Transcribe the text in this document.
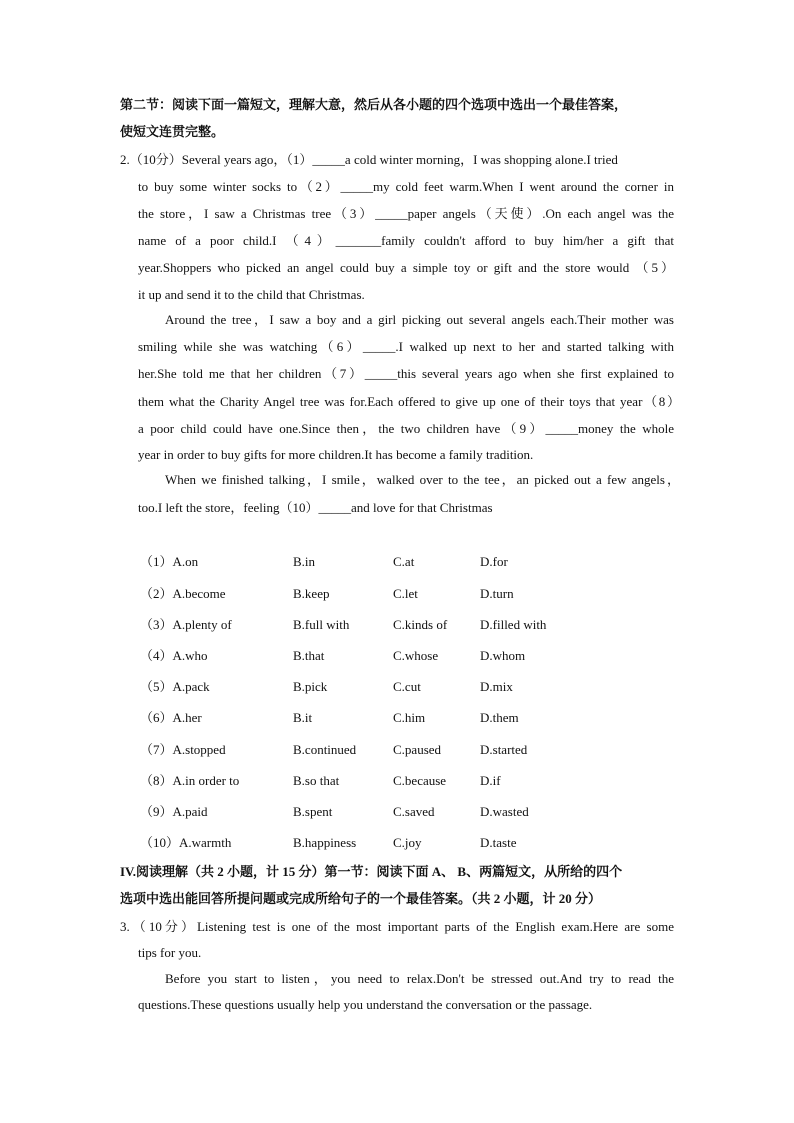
第二节：阅读下面一篇短文，理解大意，然后从各小题的四个选项中选出一个最佳答案，
使短文连贯完整。
2.（10分）Several years ago，（1）_____a cold winter morning，I was shopping alone.I tried
to buy some winter socks to（2）_____my cold feet warm.When I went around the corner in
the store，I saw a Christmas tree（3）_____paper angels（天使）.On each angel was the
name of a poor child.I （4）_______family couldn't afford to buy him/her a gift that
year.Shoppers who picked an angel could buy a simple toy or gift and the store would （5）
it up and send it to the child that Christmas.
Around the tree，I saw a boy and a girl picking out several angels each.Their mother was
smiling while she was watching（6）_____.I walked up next to her and started talking with
her.She told me that her children（7）_____this several years ago when she first explained to
them what the Charity Angel tree was for.Each offered to give up one of their toys that year（8）
a poor child could have one.Since then，the two children have（9）_____money the whole
year in order to buy gifts for more children.It has become a family tradition.
When we finished talking，I smile，walked over to the tee，an picked out a few angels，
too.I left the store，feeling（10）_____and love for that Christmas
（1）A.on	B.in	C.at	D.for
（2）A.become	B.keep	C.let	D.turn
（3）A.plenty of	B.full with	C.kinds of	D.filled with
（4）A.who	B.that	C.whose	D.whom
（5）A.pack	B.pick	C.cut	D.mix
（6）A.her	B.it	C.him	D.them
（7）A.stopped	B.continued	C.paused	D.started
（8）A.in order to	B.so that	C.because	D.if
（9）A.paid	B.spent	C.saved	D.wasted
（10）A.warmth	B.happiness	C.joy	D.taste
IV.阅读理解（共 2 小题，计 15 分）第一节：阅读下面 A、 B、两篇短文，从所给的四个
选项中选出能回答所提问题或完成所给句子的一个最佳答案。（共 2 小题，计 20 分）
3.（10分）Listening test is one of the most important parts of the English exam.Here are some
tips for you.
Before you start to listen，you need to relax.Don't be stressed out.And try to read the
questions.These questions usually help you understand the conversation or the passage.
